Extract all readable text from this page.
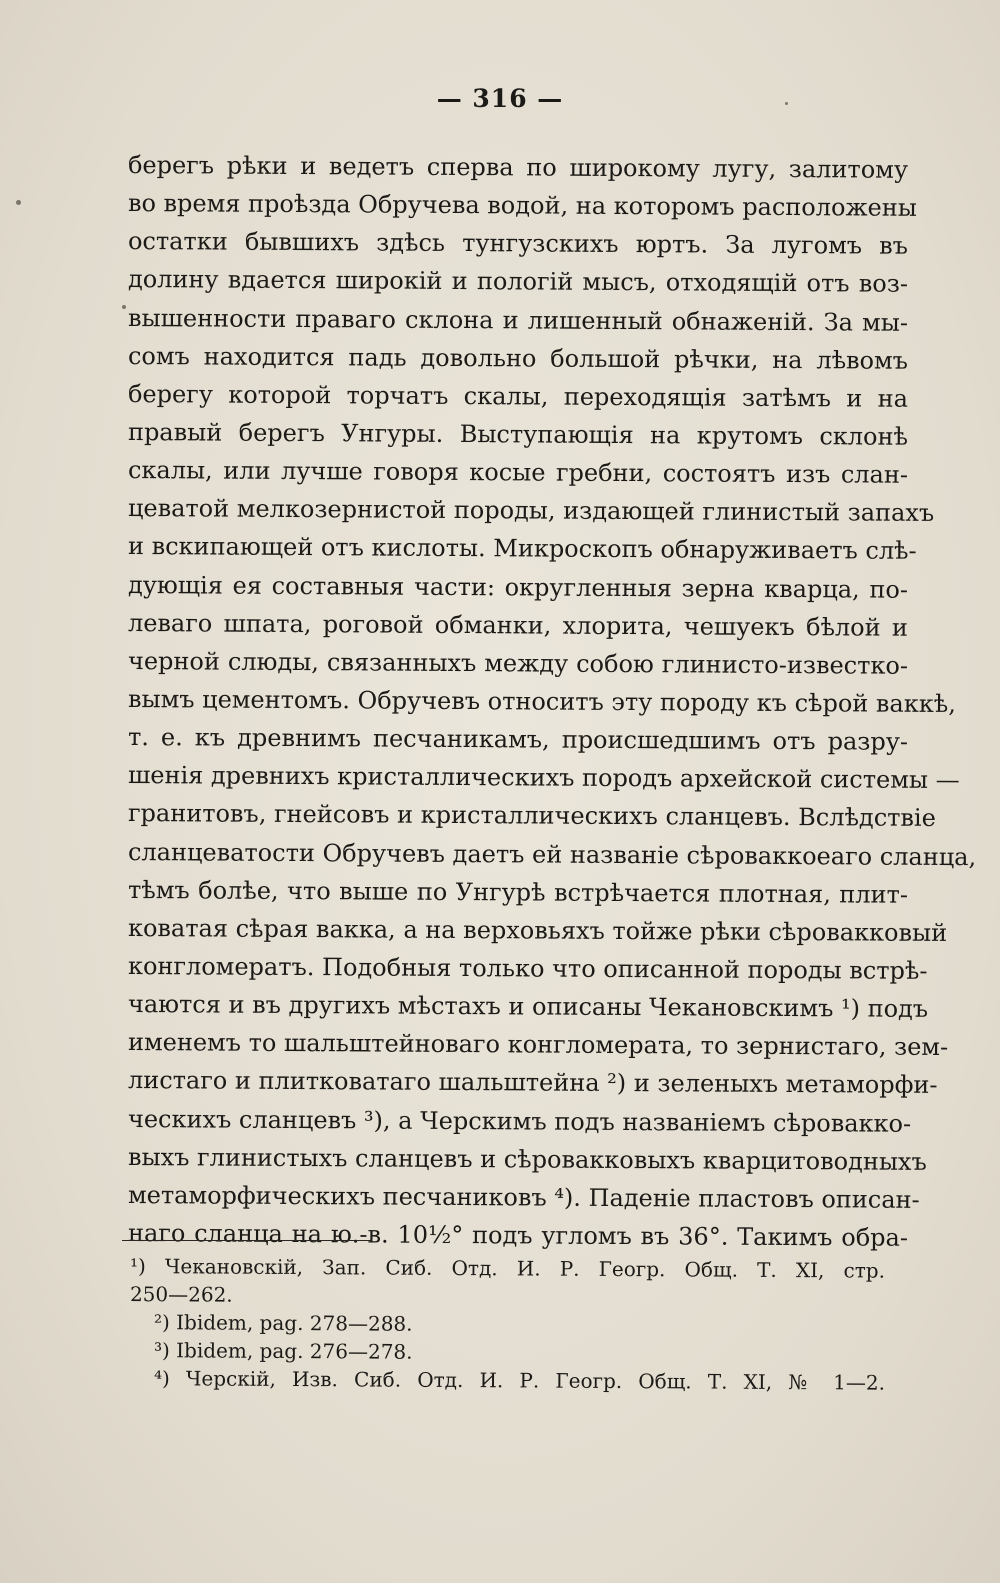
— 316 —
берегъ рѣки и ведетъ сперва по широкому лугу, залитому
во время проѣзда Обручева водой, на которомъ расположены
остатки бывшихъ здѣсь тунгузскихъ юртъ. За лугомъ въ
долину вдается широкій и пологій мысъ, отходящій отъ воз-
вышенности праваго склона и лишенный обнаженій. За мы-
сомъ находится падь довольно большой рѣчки, на лѣвомъ
берегу которой торчатъ скалы, переходящія затѣмъ и на
правый берегъ Унгуры. Выступающія на крутомъ склонѣ
скалы, или лучше говоря косые гребни, состоятъ изъ слан-
цеватой мелкозернистой породы, издающей глинистый запахъ
и вскипающей отъ кислоты. Микроскопъ обнаруживаетъ слѣ-
дующія ея составныя части: округленныя зерна кварца, по-
леваго шпата, роговой обманки, хлорита, чешуекъ бѣлой и
черной слюды, связанныхъ между собою глинисто-известко-
вымъ цементомъ. Обручевъ относитъ эту породу къ сѣрой ваккѣ,
т. е. къ древнимъ песчаникамъ, происшедшимъ отъ разру-
шенія древнихъ кристаллическихъ породъ архейской системы —
гранитовъ, гнейсовъ и кристаллическихъ сланцевъ. Вслѣдствіе
сланцеватости Обручевъ даетъ ей названіе сѣроваккоеаго сланца,
тѣмъ болѣе, что выше по Унгурѣ встрѣчается плотная, плит-
коватая сѣрая вакка, а на верховьяхъ тойже рѣки сѣровакковый
конгломератъ. Подобныя только что описанной породы встрѣ-
чаются и въ другихъ мѣстахъ и описаны Чекановскимъ ¹) подъ
именемъ то шальштейноваго конгломерата, то зернистаго, зем-
листаго и плитковатаго шальштейна ²) и зеленыхъ метаморфи-
ческихъ сланцевъ ³), а Черскимъ подъ названіемъ сѣровакко-
выхъ глинистыхъ сланцевъ и сѣровакковыхъ кварцитоводныхъ
метаморфическихъ песчаниковъ ⁴). Паденіе пластовъ описан-
наго сланца на ю.-в. 10½° подъ угломъ въ 36°. Такимъ обра-
¹) Чекановскій, Зап. Сиб. Отд. И. Р. Геогр. Общ. Т. XI, стр.
250—262.
²) Ibidem, pag. 278—288.
³) Ibidem, pag. 276—278.
⁴) Черскій, Изв. Сиб. Отд. И. Р. Геогр. Общ. Т. XI, № 1—2.
